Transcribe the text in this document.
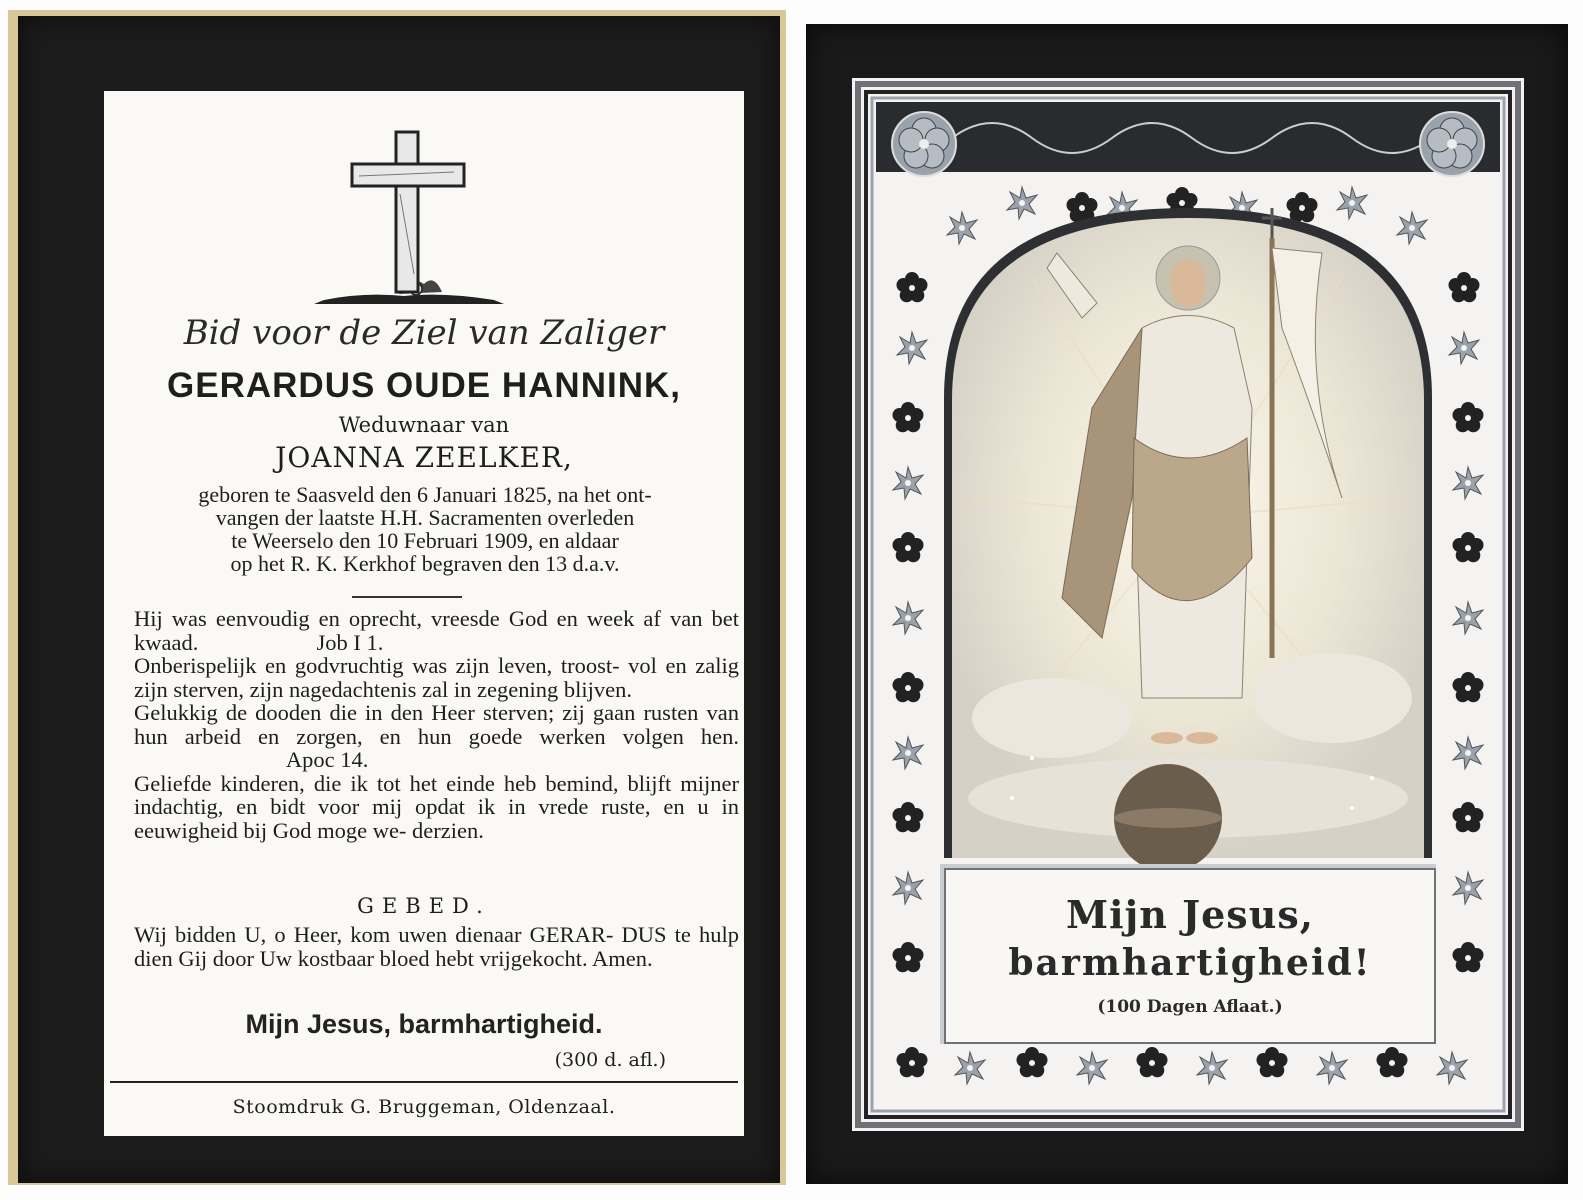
Bid voor de Ziel van Zaliger
GERARDUS OUDE HANNINK,
Weduwnaar van
JOANNA ZEELKER,
geboren te Saasveld den 6 Januari 1825, na het ont-
vangen der laatste H.H. Sacramenten overleden
te Weerselo den 10 Februari 1909, en aldaar
op het R. K. Kerkhof begraven den 13 d.a.v.

Hij was eenvoudig en oprecht, vreesde God en week af van bet kwaad.	Job I 1.

Onberispelijk en godvruchtig was zijn leven, troost- vol en zalig zijn sterven, zijn nagedachtenis zal in zegening blijven.

Gelukkig de dooden die in den Heer sterven; zij gaan rusten van hun arbeid en zorgen, en hun goede werken volgen hen.                            Apoc 14.

Geliefde kinderen, die ik tot het einde heb bemind, blijft mijner indachtig, en bidt voor mij opdat ik in vrede ruste, en u in eeuwigheid bij God moge we- derzien.

GEBED.
Wij bidden U, o Heer, kom uwen dienaar GERAR- DUS te hulp dien Gij door Uw kostbaar bloed hebt vrijgekocht. Amen.
Mijn Jesus, barmhartigheid.
(300 d. afl.)
Stoomdruk G. Bruggeman, Oldenzaal.
Mijn Jesus,
barmhartigheid!
(100 Dagen Aflaat.)
